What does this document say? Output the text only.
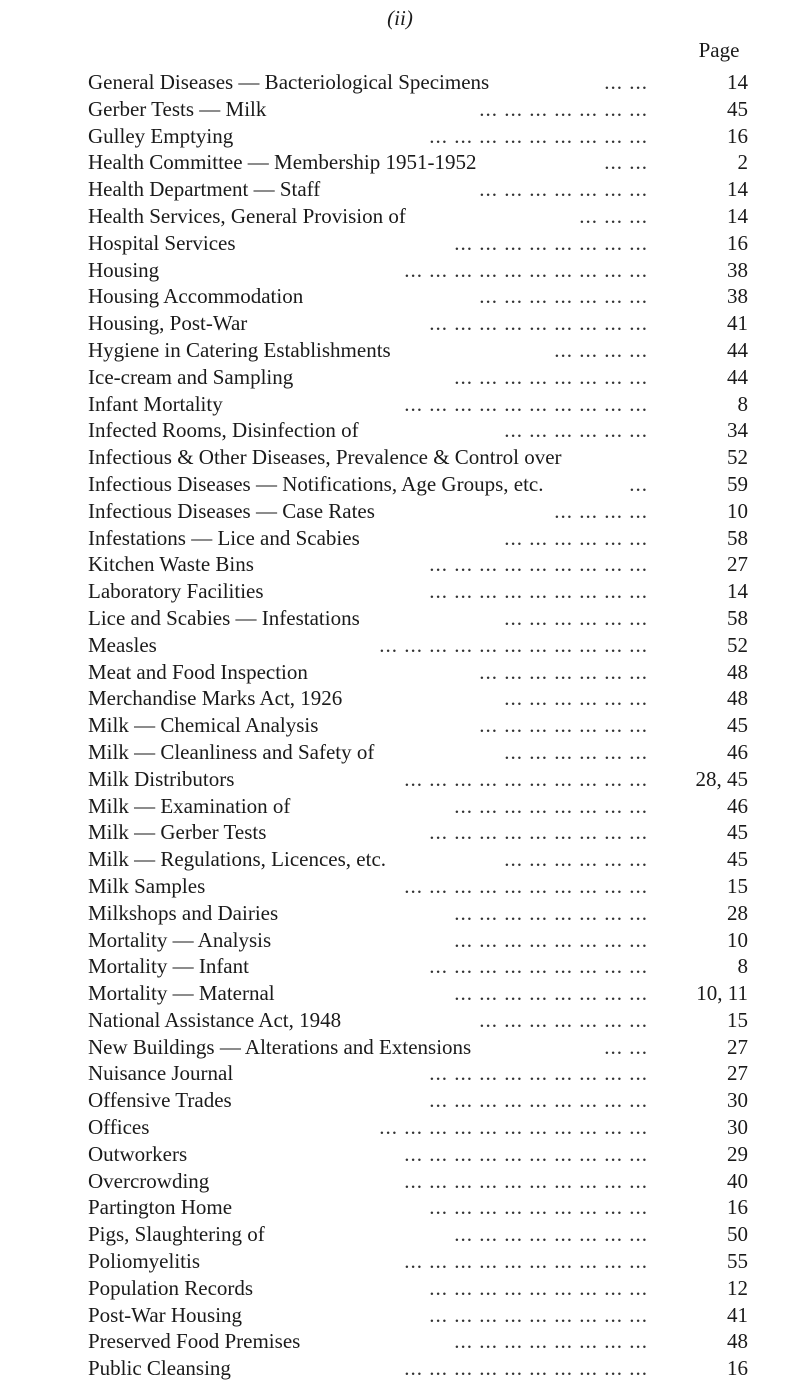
(ii)
Page
... ...
General Diseases — Bacteriological Specimens	14
... ... ... ... ... ... ...
Gerber Tests — Milk	45
... ... ... ... ... ... ... ... ...
Gulley Emptying	16
... ...
Health Committee — Membership 1951-1952	2
... ... ... ... ... ... ...
Health Department — Staff	14
... ... ...
Health Services, General Provision of	14
... ... ... ... ... ... ... ...
Hospital Services	16
... ... ... ... ... ... ... ... ... ...
Housing	38
... ... ... ... ... ... ...
Housing Accommodation	38
... ... ... ... ... ... ... ... ...
Housing, Post-War	41
... ... ... ...
Hygiene in Catering Establishments	44
... ... ... ... ... ... ... ...
Ice-cream and Sampling	44
... ... ... ... ... ... ... ... ... ...
Infant Mortality	8
... ... ... ... ... ...
Infected Rooms, Disinfection of	34
Infectious & Other Diseases, Prevalence & Control over	52
...
Infectious Diseases — Notifications, Age Groups, etc.	59
... ... ... ...
Infectious Diseases — Case Rates	10
... ... ... ... ... ...
Infestations — Lice and Scabies	58
... ... ... ... ... ... ... ... ...
Kitchen Waste Bins	27
... ... ... ... ... ... ... ... ...
Laboratory Facilities	14
... ... ... ... ... ...
Lice and Scabies — Infestations	58
... ... ... ... ... ... ... ... ... ... ...
Measles	52
... ... ... ... ... ... ...
Meat and Food Inspection	48
... ... ... ... ... ...
Merchandise Marks Act, 1926	48
... ... ... ... ... ... ...
Milk — Chemical Analysis	45
... ... ... ... ... ...
Milk — Cleanliness and Safety of	46
... ... ... ... ... ... ... ... ... ...
Milk Distributors	28, 45
... ... ... ... ... ... ... ...
Milk — Examination of	46
... ... ... ... ... ... ... ... ...
Milk — Gerber Tests	45
... ... ... ... ... ...
Milk — Regulations, Licences, etc.	45
... ... ... ... ... ... ... ... ... ...
Milk Samples	15
... ... ... ... ... ... ... ...
Milkshops and Dairies	28
... ... ... ... ... ... ... ...
Mortality — Analysis	10
... ... ... ... ... ... ... ... ...
Mortality — Infant	8
... ... ... ... ... ... ... ...
Mortality — Maternal	10, 11
... ... ... ... ... ... ...
National Assistance Act, 1948	15
... ...
New Buildings — Alterations and Extensions	27
... ... ... ... ... ... ... ... ...
Nuisance Journal	27
... ... ... ... ... ... ... ... ...
Offensive Trades	30
... ... ... ... ... ... ... ... ... ... ...
Offices	30
... ... ... ... ... ... ... ... ... ...
Outworkers	29
... ... ... ... ... ... ... ... ... ...
Overcrowding	40
... ... ... ... ... ... ... ... ...
Partington Home	16
... ... ... ... ... ... ... ...
Pigs, Slaughtering of	50
... ... ... ... ... ... ... ... ... ...
Poliomyelitis	55
... ... ... ... ... ... ... ... ...
Population Records	12
... ... ... ... ... ... ... ... ...
Post-War Housing	41
... ... ... ... ... ... ... ...
Preserved Food Premises	48
... ... ... ... ... ... ... ... ... ...
Public Cleansing	16
